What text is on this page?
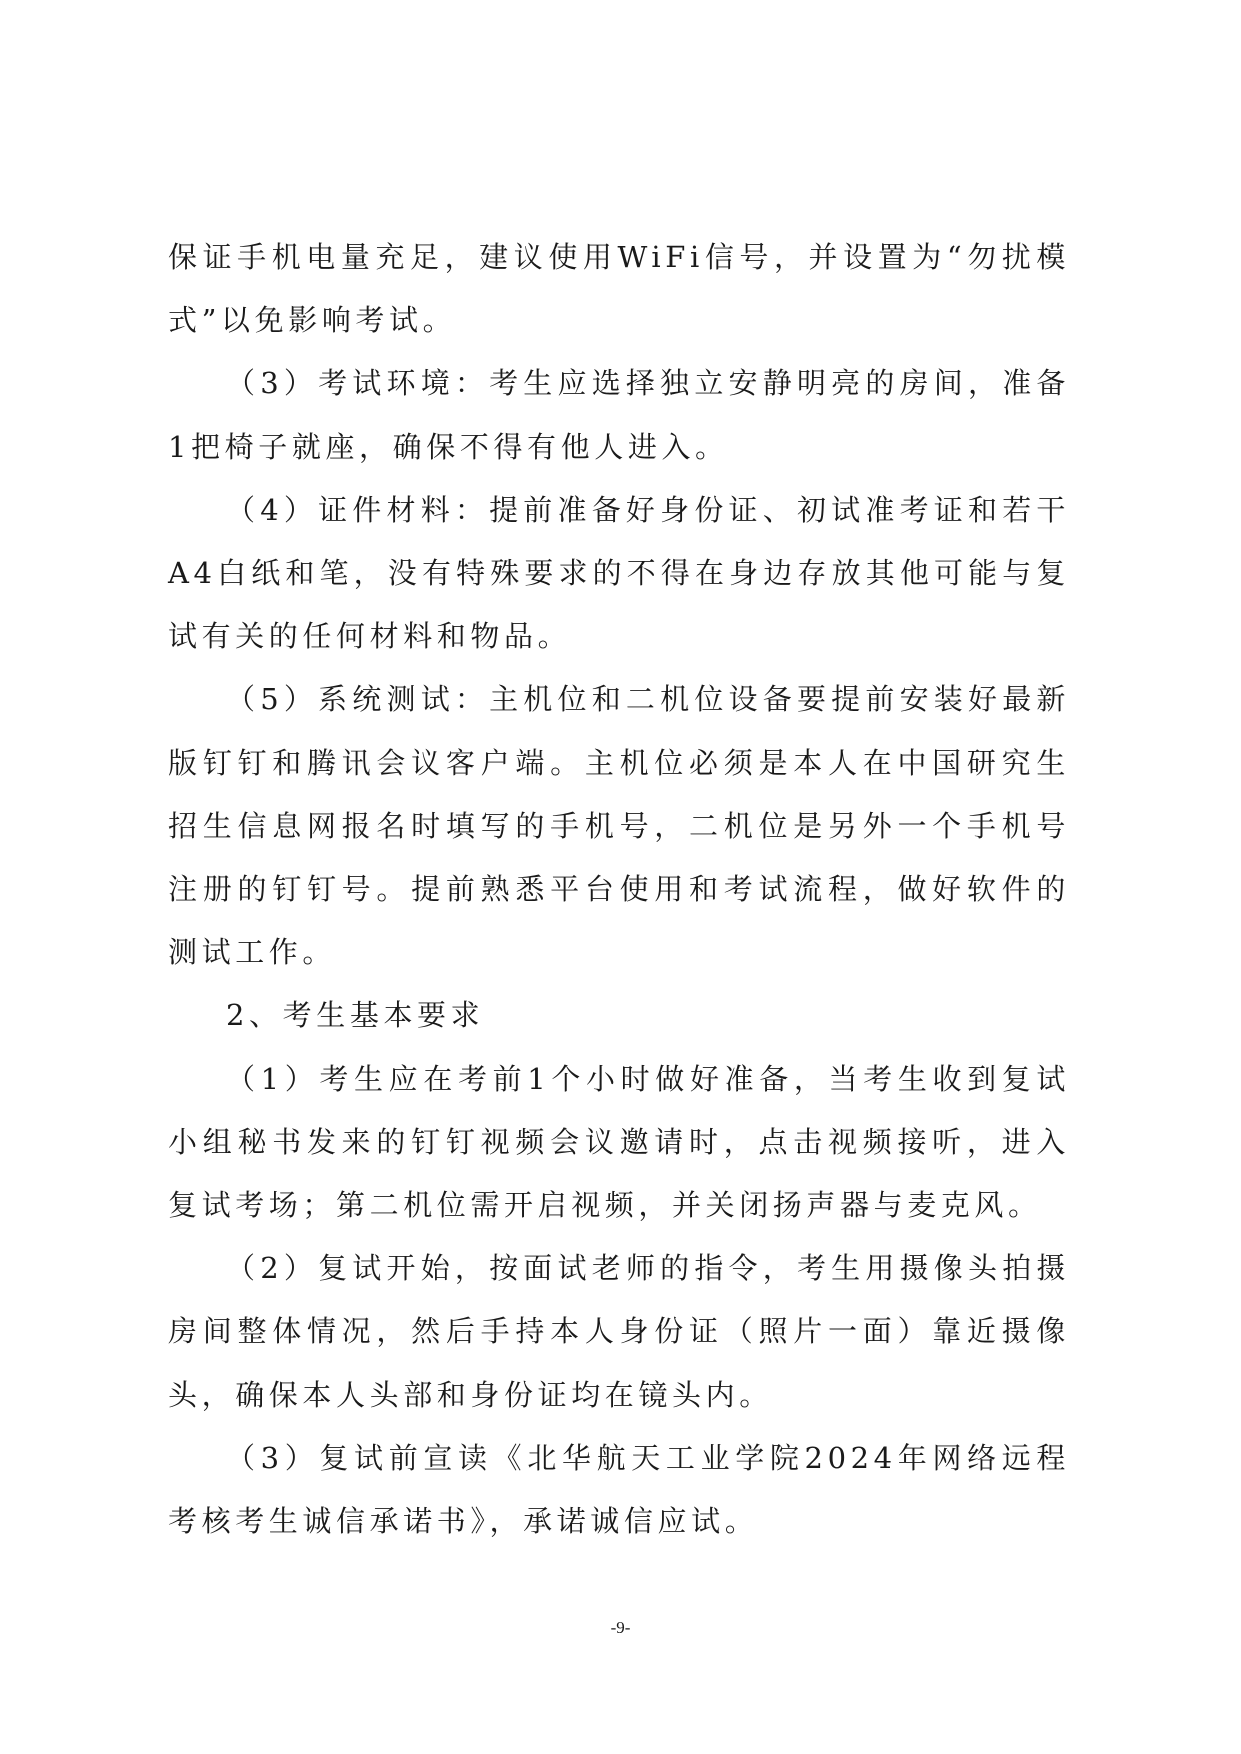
保证手机电量充足，建议使用WiFi信号，并设置为“勿扰模式”以免影响考试。

（3）考试环境：考生应选择独立安静明亮的房间，准备1把椅子就座，确保不得有他人进入。

（4）证件材料：提前准备好身份证、初试准考证和若干A4白纸和笔，没有特殊要求的不得在身边存放其他可能与复试有关的任何材料和物品。

（5）系统测试：主机位和二机位设备要提前安装好最新版钉钉和腾讯会议客户端。主机位必须是本人在中国研究生招生信息网报名时填写的手机号，二机位是另外一个手机号注册的钉钉号。提前熟悉平台使用和考试流程，做好软件的测试工作。

2、考生基本要求

（1）考生应在考前1个小时做好准备，当考生收到复试小组秘书发来的钉钉视频会议邀请时，点击视频接听，进入复试考场；第二机位需开启视频，并关闭扬声器与麦克风。

（2）复试开始，按面试老师的指令，考生用摄像头拍摄房间整体情况，然后手持本人身份证（照片一面）靠近摄像头，确保本人头部和身份证均在镜头内。

（3）复试前宣读《北华航天工业学院2024年网络远程考核考生诚信承诺书》，承诺诚信应试。

-9-
